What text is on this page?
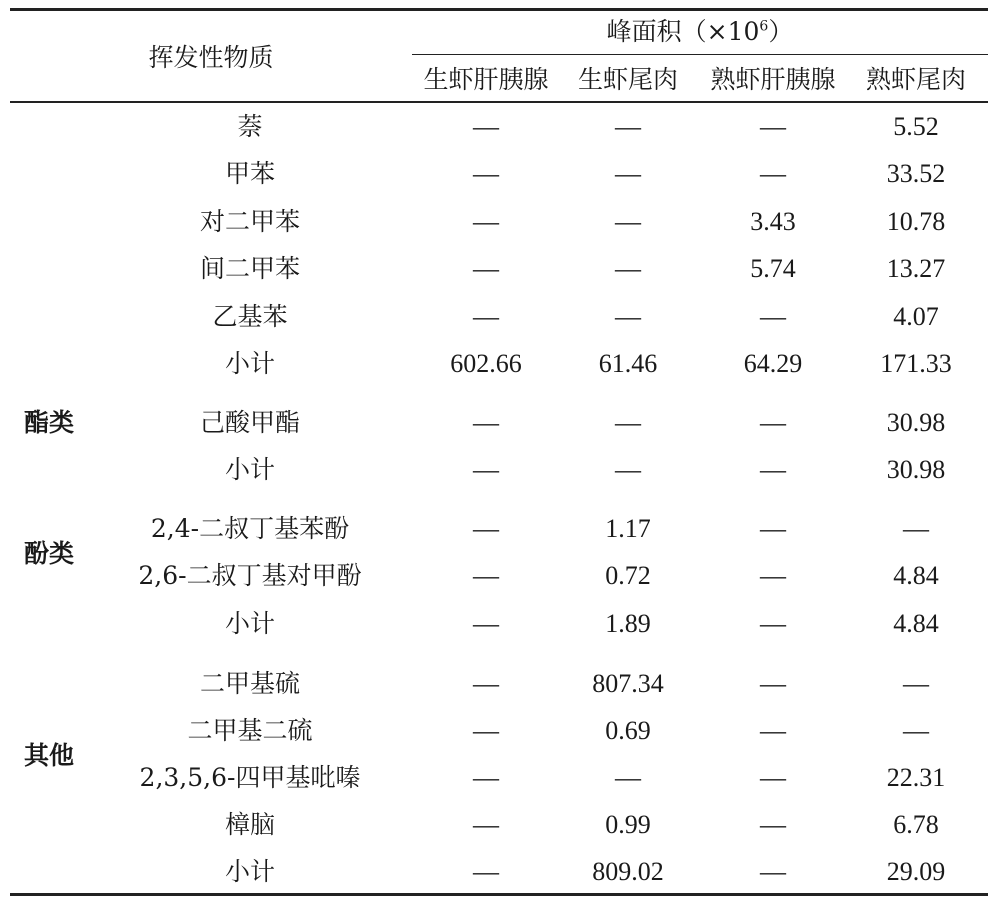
挥发性物质
峰面积$(\times 10^6)$
生虾肝胰腺 生虾尾肉 熟虾肝胰腺 熟虾尾肉
萘	—	—	—	5.52
甲苯	—	—	—	33.52
对二甲苯	—	—	3.43	10.78
间二甲苯	—	—	5.74	13.27
乙基苯	—	—	—	4.07
小计	602.66	61.46	64.29	171.33
酯类	己酸甲酯	—	—	—	30.98
小计	—	—	—	30.98
酚类
2,4-二叔丁基苯酚	—	1.17	—	—
2,6-二叔丁基对甲酚	—	0.72	—	4.84
小计	—	1.89	—	4.84
其他
二甲基硫	—	807.34	—	—
二甲基二硫	—	0.69	—	—
2,3,5,6-四甲基吡嗪	—	—	—	22.31
樟脑	—	0.99	—	6.78
小计	—	809.02	—	29.09
